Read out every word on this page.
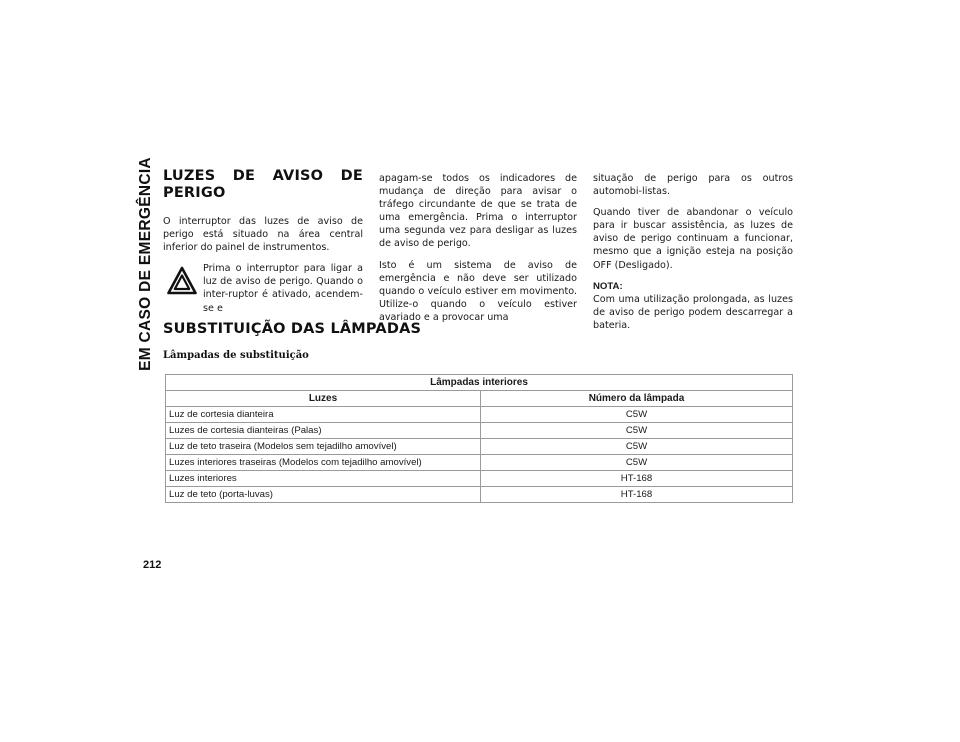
EM CASO DE EMERGÊNCIA LUZES DE AVISO DE PERIGO

O interruptor das luzes de aviso de perigo está situado na área central inferior do painel de instrumentos.

Prima o interruptor para ligar a luz de aviso de perigo. Quando o inter-ruptor é ativado, acendem-se e

apagam-se todos os indicadores de mudança de direção para avisar o tráfego circundante de que se trata de uma emergência. Prima o interruptor uma segunda vez para desligar as luzes de aviso de perigo.

Isto é um sistema de aviso de emergência e não deve ser utilizado quando o veículo estiver em movimento. Utilize-o quando o veículo estiver avariado e a provocar uma

situação de perigo para os outros automobi-listas.

Quando tiver de abandonar o veículo para ir buscar assistência, as luzes de aviso de perigo continuam a funcionar, mesmo que a ignição esteja na posição OFF (Desligado).

NOTA:

Com uma utilização prolongada, as luzes de aviso de perigo podem descarregar a bateria.

SUBSTITUIÇÃO DAS LÂMPADAS
Lâmpadas de substituição
Lâmpadas interiores	
Luzes	Número da lâmpada
Luz de cortesia dianteira	C5W
Luzes de cortesia dianteiras (Palas)	C5W
Luz de teto traseira (Modelos sem tejadilho amovível)	C5W
Luzes interiores traseiras (Modelos com tejadilho amovível)	C5W
Luzes interiores	HT-168
Luz de teto (porta-luvas)	HT-168
212
